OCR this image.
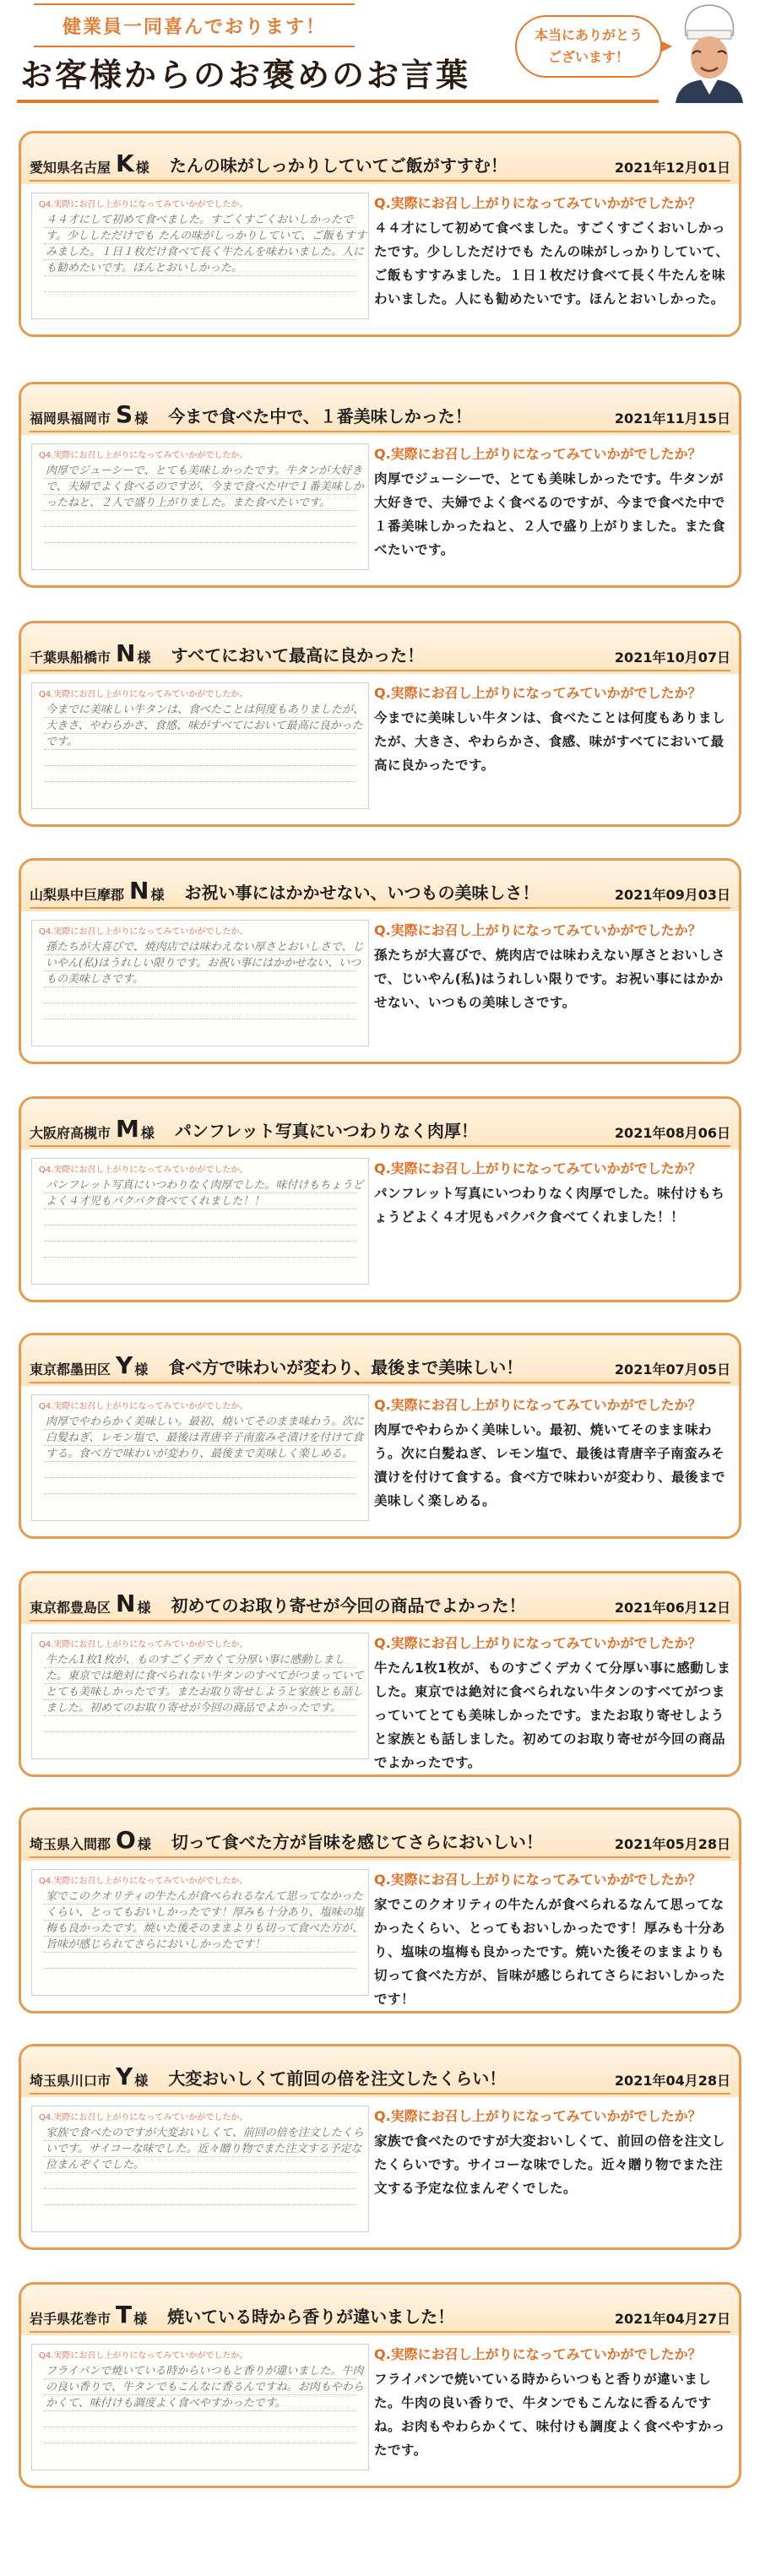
健業員一同喜んでおります！
お客様からのお褒めのお言葉
本当にありがとう
ございます！
愛知県名古屋 K 様 たんの味がしっかりしていてご飯がすすむ！	2021年12月01日
Q4.実際にお召し上がりになってみていかがでしたか。
４４才にして初めて食べました。すごくすごくおいしかったです。少ししただけでも たんの味がしっかりしていて、ご飯もすすみました。１日１枚だけ食べて長く牛たんを味わいました。人にも勧めたいです。ほんとおいしかった。
Q.実際にお召し上がりになってみていかがでしたか？
４４才にして初めて食べました。すごくすごくおいしかったです。少ししただけでも たんの味がしっかりしていて、ご飯もすすみました。１日１枚だけ食べて長く牛たんを味わいました。人にも勧めたいです。ほんとおいしかった。
福岡県福岡市 S 様 今まで食べた中で、１番美味しかった！	2021年11月15日
Q4.実際にお召し上がりになってみていかがでしたか。
肉厚でジューシーで、とても美味しかったです。牛タンが大好きで、夫婦でよく食べるのですが、今まで食べた中で１番美味しかったねと、２人で盛り上がりました。また食べたいです。
Q.実際にお召し上がりになってみていかがでしたか？
肉厚でジューシーで、とても美味しかったです。牛タンが大好きで、夫婦でよく食べるのですが、今まで食べた中で１番美味しかったねと、２人で盛り上がりました。また食べたいです。
千葉県船橋市 N 様 すべてにおいて最高に良かった！	2021年10月07日
Q4.実際にお召し上がりになってみていかがでしたか。
今までに美味しい牛タンは、食べたことは何度もありましたが、大きさ、やわらかさ、食感、味がすべてにおいて最高に良かったです。
Q.実際にお召し上がりになってみていかがでしたか？
今までに美味しい牛タンは、食べたことは何度もありましたが、大きさ、やわらかさ、食感、味がすべてにおいて最高に良かったです。
山梨県中巨摩郡 N 様 お祝い事にはかかせない、いつもの美味しさ！	2021年09月03日
Q4.実際にお召し上がりになってみていかがでしたか。
孫たちが大喜びで、焼肉店では味わえない厚さとおいしさで、じいやん(私)はうれしい限りです。お祝い事にはかかせない、いつもの美味しさです。
Q.実際にお召し上がりになってみていかがでしたか？
孫たちが大喜びで、焼肉店では味わえない厚さとおいしさで、じいやん(私)はうれしい限りです。お祝い事にはかかせない、いつもの美味しさです。
大阪府高槻市 M 様 パンフレット写真にいつわりなく肉厚！	2021年08月06日
Q4.実際にお召し上がりになってみていかがでしたか。
パンフレット写真にいつわりなく肉厚でした。味付けもちょうどよく４才児もパクパク食べてくれました！！
Q.実際にお召し上がりになってみていかがでしたか？
パンフレット写真にいつわりなく肉厚でした。味付けもちょうどよく４才児もパクパク食べてくれました！！
東京都墨田区 Y 様 食べ方で味わいが変わり、最後まで美味しい！	2021年07月05日
Q4.実際にお召し上がりになってみていかがでしたか。
肉厚でやわらかく美味しい。最初、焼いてそのまま味わう。次に白髪ねぎ、レモン塩で、最後は青唐辛子南蛮みそ漬けを付けて食する。食べ方で味わいが変わり、最後まで美味しく楽しめる。
Q.実際にお召し上がりになってみていかがでしたか？
肉厚でやわらかく美味しい。最初、焼いてそのまま味わう。次に白髪ねぎ、レモン塩で、最後は青唐辛子南蛮みそ漬けを付けて食する。食べ方で味わいが変わり、最後まで美味しく楽しめる。
東京都豊島区 N 様 初めてのお取り寄せが今回の商品でよかった！	2021年06月12日
Q4.実際にお召し上がりになってみていかがでしたか。
牛たん1枚1枚が、ものすごくデカくて分厚い事に感動しました。東京では絶対に食べられない牛タンのすべてがつまっていてとても美味しかったです。またお取り寄せしようと家族とも話しました。初めてのお取り寄せが今回の商品でよかったです。
Q.実際にお召し上がりになってみていかがでしたか？
牛たん1枚1枚が、ものすごくデカくて分厚い事に感動しました。東京では絶対に食べられない牛タンのすべてがつまっていてとても美味しかったです。またお取り寄せしようと家族とも話しました。初めてのお取り寄せが今回の商品でよかったです。
埼玉県入間郡 O 様 切って食べた方が旨味を感じてさらにおいしい！	2021年05月28日
Q4.実際にお召し上がりになってみていかがでしたか。
家でこのクオリティの牛たんが食べられるなんて思ってなかったくらい、とってもおいしかったです！厚みも十分あり、塩味の塩梅も良かったです。焼いた後そのままよりも切って食べた方が、旨味が感じられてさらにおいしかったです！
Q.実際にお召し上がりになってみていかがでしたか？
家でこのクオリティの牛たんが食べられるなんて思ってなかったくらい、とってもおいしかったです！厚みも十分あり、塩味の塩梅も良かったです。焼いた後そのままよりも切って食べた方が、旨味が感じられてさらにおいしかったです！
埼玉県川口市 Y 様 大変おいしくて前回の倍を注文したくらい！	2021年04月28日
Q4.実際にお召し上がりになってみていかがでしたか。
家族で食べたのですが大変おいしくて、前回の倍を注文したくらいです。サイコーな味でした。近々贈り物でまた注文する予定な位まんぞくでした。
Q.実際にお召し上がりになってみていかがでしたか？
家族で食べたのですが大変おいしくて、前回の倍を注文したくらいです。サイコーな味でした。近々贈り物でまた注文する予定な位まんぞくでした。
岩手県花巻市 T 様 焼いている時から香りが違いました！	2021年04月27日
Q4.実際にお召し上がりになってみていかがでしたか。
フライパンで焼いている時からいつもと香りが違いました。牛肉の良い香りで、牛タンでもこんなに香るんですね。お肉もやわらかくて、味付けも調度よく食べやすかったです。
Q.実際にお召し上がりになってみていかがでしたか？
フライパンで焼いている時からいつもと香りが違いました。牛肉の良い香りで、牛タンでもこんなに香るんですね。お肉もやわらかくて、味付けも調度よく食べやすかったです。
